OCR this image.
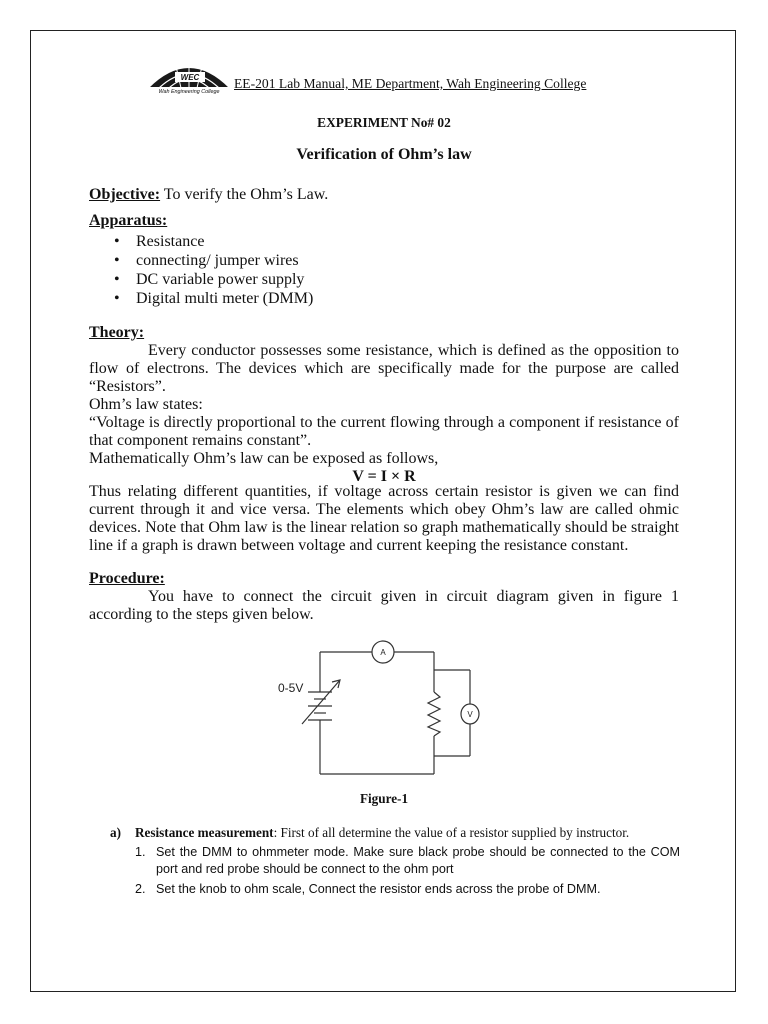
WEC
Wah Engineering College
EE-201 Lab Manual, ME Department, Wah Engineering College
EXPERIMENT No# 02
Verification of Ohm’s law
Objective: To verify the Ohm’s Law.
Apparatus:
• Resistance
• connecting/ jumper wires
• DC variable power supply
• Digital multi meter (DMM)
Theory:
Every conductor possesses some resistance, which is defined as the opposition to flow of electrons. The devices which are specifically made for the purpose are called “Resistors”.
Ohm’s law states:
“Voltage is directly proportional to the current flowing through a component if resistance of that component remains constant”.
Mathematically Ohm’s law can be exposed as follows,
V = I × R
Thus relating different quantities, if voltage across certain resistor is given we can find current through it and vice versa. The elements which obey Ohm’s law are called ohmic devices. Note that Ohm law is the linear relation so graph mathematically should be straight line if a graph is drawn between voltage and current keeping the resistance constant.
Procedure:
You have to connect the circuit given in circuit diagram given in figure 1 according to the steps given below.
A
V
0-5V
Figure-1
a) Resistance measurement: First of all determine the value of a resistor supplied by instructor.
1. Set the DMM to ohmmeter mode. Make sure black probe should be connected to the COM port and red probe should be connect to the ohm port
2. Set the knob to ohm scale, Connect the resistor ends across the probe of DMM.
